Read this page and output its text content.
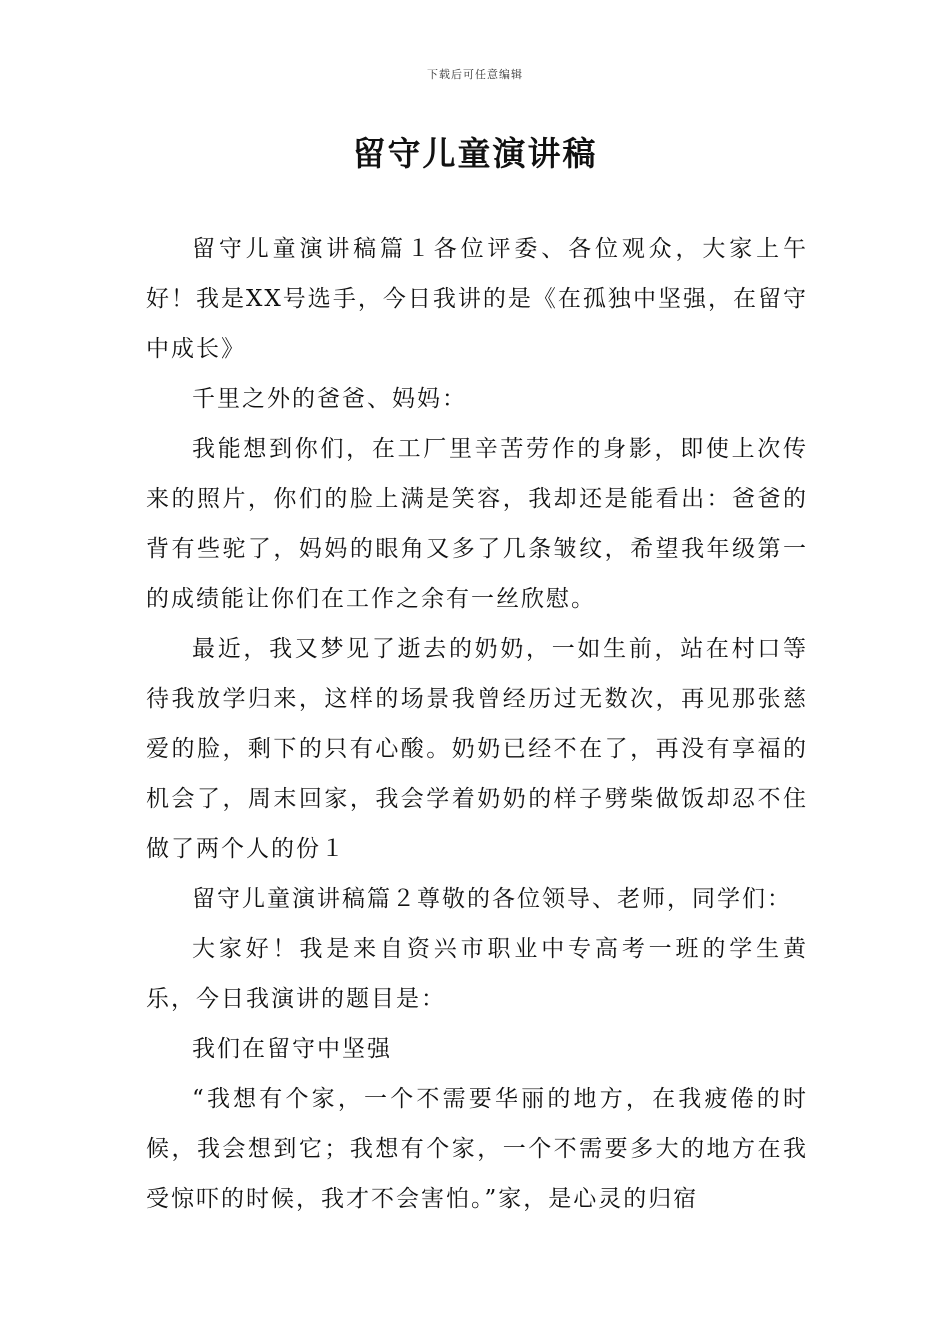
下载后可任意编辑
留守儿童演讲稿

留守儿童演讲稿篇１各位评委、各位观众，大家上午好！我是XX号选手，今日我讲的是《在孤独中坚强，在留守中成长》

千里之外的爸爸、妈妈：

我能想到你们，在工厂里辛苦劳作的身影，即使上次传来的照片，你们的脸上满是笑容，我却还是能看出：爸爸的背有些驼了，妈妈的眼角又多了几条皱纹，希望我年级第一的成绩能让你们在工作之余有一丝欣慰。

最近，我又梦见了逝去的奶奶，一如生前，站在村口等待我放学归来，这样的场景我曾经历过无数次，再见那张慈爱的脸，剩下的只有心酸。奶奶已经不在了，再没有享福的机会了，周末回家，我会学着奶奶的样子劈柴做饭却忍不住做了两个人的份１

留守儿童演讲稿篇２尊敬的各位领导、老师，同学们：

大家好！我是来自资兴市职业中专高考一班的学生黄乐，今日我演讲的题目是：

我们在留守中坚强

“我想有个家，一个不需要华丽的地方，在我疲倦的时候，我会想到它；我想有个家，一个不需要多大的地方在我受惊吓的时候，我才不会害怕。”家，是心灵的归宿
